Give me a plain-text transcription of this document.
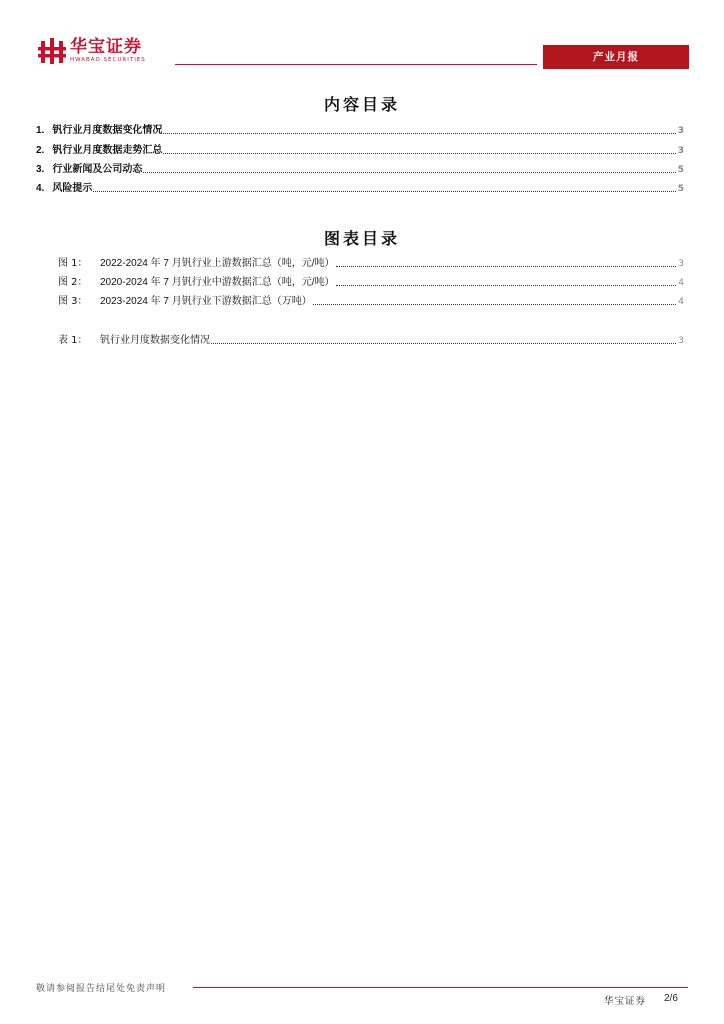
华宝证券
HWABAO SECURITIES	产业月报
内容目录
1. 钒行业月度数据变化情况	3
2. 钒行业月度数据走势汇总	3
3. 行业新闻及公司动态	5
4. 风险提示	5
图表目录
图 1：	2022-2024 年 7 月钒行业上游数据汇总（吨，元/吨）	3
图 2：	2020-2024 年 7 月钒行业中游数据汇总（吨，元/吨）	4
图 3：	2023-2024 年 7 月钒行业下游数据汇总（万吨）	4
表 1：	钒行业月度数据变化情况	3
敬请参阅报告结尾处免责声明
华宝证券 2/6
